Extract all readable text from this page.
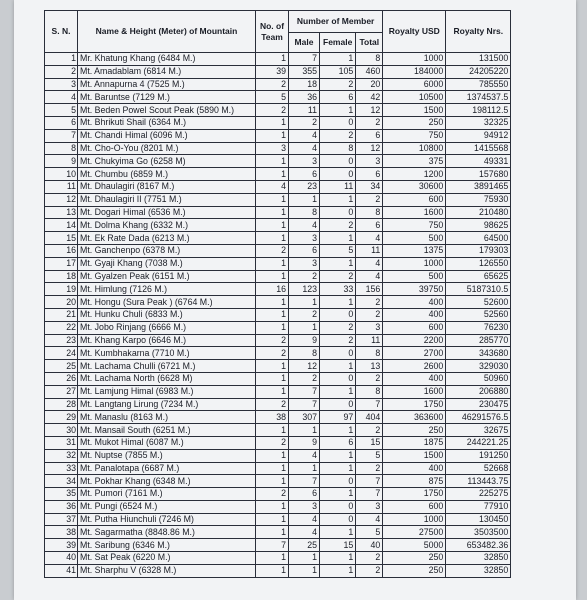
S. N.	Name & Height (Meter) of Mountain	No. of Team	Number of Member			Royalty USD	Royalty Nrs.
			Male	Female	Total		
1	Mr. Khatung Khang (6484 M.)	1	7	1	8	1000	131500
2	Mt. Amadablam (6814 M.)	39	355	105	460	184000	24205220
3	Mt. Annapurna 4 (7525 M.)	2	18	2	20	6000	785550
4	Mt. Baruntse (7129 M.)	5	36	6	42	10500	1374537.5
5	Mt. Beden Powel Scout Peak (5890 M.)	2	11	1	12	1500	198112.5
6	Mt. Bhrikuti Shail (6364 M.)	1	2	0	2	250	32325
7	Mt. Chandi Himal (6096 M.)	1	4	2	6	750	94912
8	Mt. Cho-O-You (8201 M.)	3	4	8	12	10800	1415568
9	Mt. Chukyima Go (6258 M)	1	3	0	3	375	49331
10	Mt. Chumbu (6859 M.)	1	6	0	6	1200	157680
11	Mt. Dhaulagiri (8167 M.)	4	23	11	34	30600	3891465
12	Mt. Dhaulagiri II (7751 M.)	1	1	1	2	600	75930
13	Mt. Dogari Himal (6536 M.)	1	8	0	8	1600	210480
14	Mt. Dolma Khang (6332 M.)	1	4	2	6	750	98625
15	Mt. Ek Rate Dada (6213 M.)	1	3	1	4	500	64500
16	Mt. Ganchenpo (6378 M.)	2	6	5	11	1375	179303
17	Mt. Gyaji Khang (7038 M.)	1	3	1	4	1000	126550
18	Mt. Gyalzen Peak (6151 M.)	1	2	2	4	500	65625
19	Mt. Himlung (7126 M.)	16	123	33	156	39750	5187310.5
20	Mt. Hongu (Sura Peak ) (6764 M.)	1	1	1	2	400	52600
21	Mt. Hunku Chuli (6833 M.)	1	2	0	2	400	52560
22	Mt. Jobo Rinjang (6666 M.)	1	1	2	3	600	76230
23	Mt. Khang Karpo (6646 M.)	2	9	2	11	2200	285770
24	Mt. Kumbhakarna (7710 M.)	2	8	0	8	2700	343680
25	Mt. Lachama Chulli (6721 M.)	1	12	1	13	2600	329030
26	Mt. Lachama North (6628 M)	1	2	0	2	400	50960
27	Mt. Lamjung Himal (6983 M.)	1	7	1	8	1600	206880
28	Mt. Langtang Lirung (7234 M.)	2	7	0	7	1750	230475
29	Mt. Manaslu (8163 M.)	38	307	97	404	363600	46291576.5
30	Mt. Mansail South (6251 M.)	1	1	1	2	250	32675
31	Mt. Mukot Himal (6087 M.)	2	9	6	15	1875	244221.25
32	Mt. Nuptse (7855 M.)	1	4	1	5	1500	191250
33	Mt. Panalotapa (6687 M.)	1	1	1	2	400	52668
34	Mt. Pokhar Khang (6348 M.)	1	7	0	7	875	113443.75
35	Mt. Pumori (7161 M.)	2	6	1	7	1750	225275
36	Mt. Pungi (6524 M.)	1	3	0	3	600	77910
37	Mt. Putha Hiunchuli (7246 M)	1	4	0	4	1000	130450
38	Mt. Sagarmatha (8848.86 M.)	1	4	1	5	27500	3503500
39	Mt. Saribung (6346 M.)	7	25	15	40	5000	653482.36
40	Mt. Sat Peak (6220 M.)	1	1	1	2	250	32850
41	Mt. Sharphu V (6328 M.)	1	1	1	2	250	32850
